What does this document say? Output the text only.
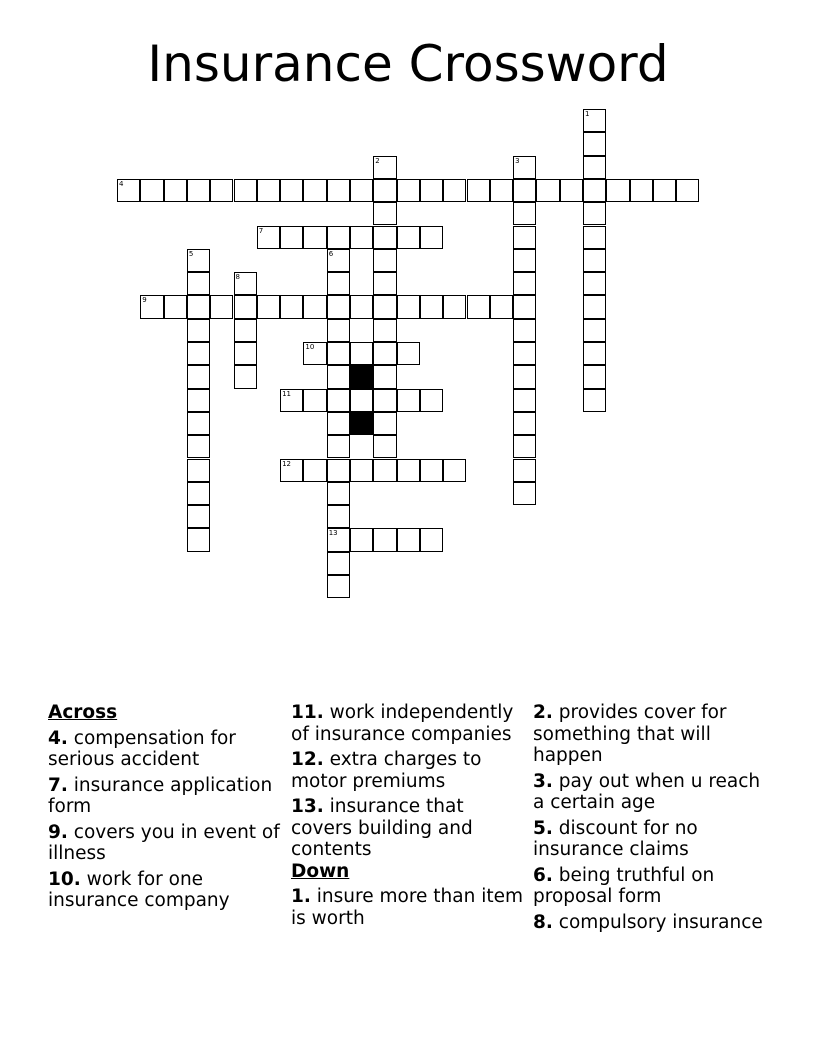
Insurance Crossword
4
7
9
10
11
12
13
1
2	3
5	6
8
Across
4. compensation for serious accident
7. insurance application form
9. covers you in event of illness
10. work for one insurance company
11. work independently of insurance companies
12. extra charges to motor premiums
13. insurance that covers building and contents
Down
1. insure more than item is worth
2. provides cover for something that will happen
3. pay out when u reach a certain age
5. discount for no insurance claims
6. being truthful on proposal form
8. compulsory insurance
